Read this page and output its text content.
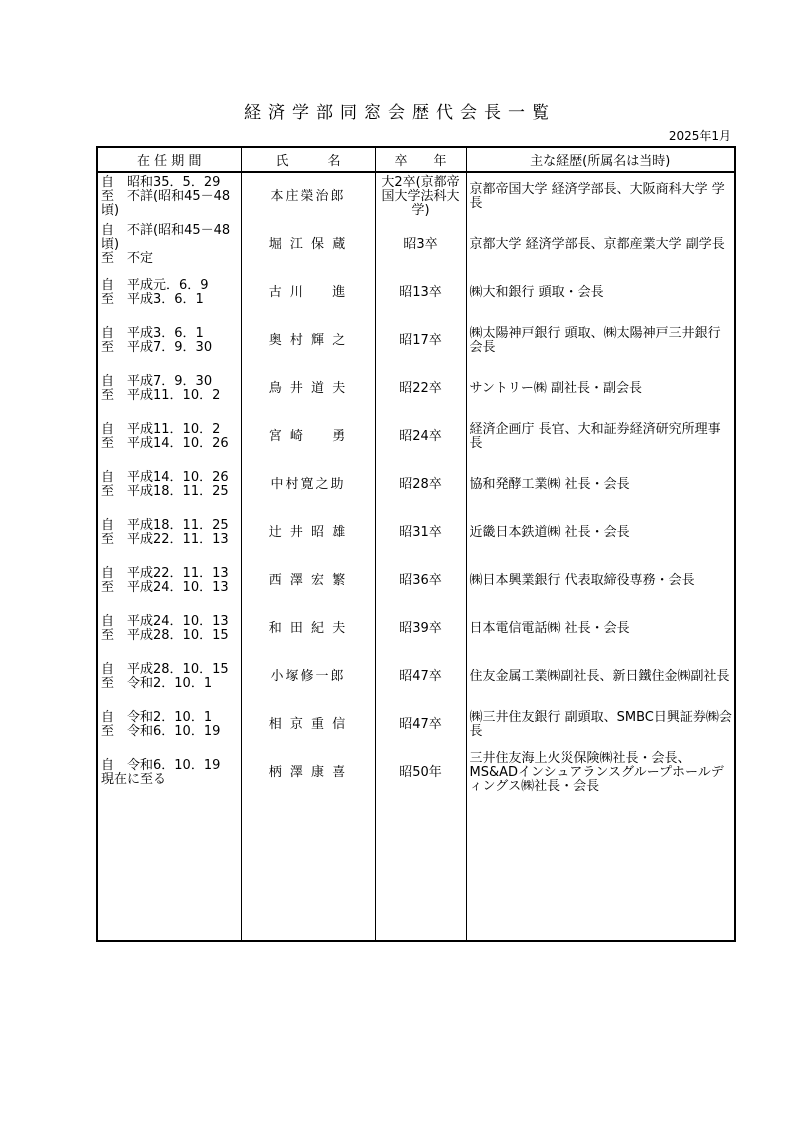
経済学部同窓会歴代会長一覧
2025年1月
在 任 期 間	氏　　　名	卒　　年	主な経歴(所属名は当時)

自　昭和35．5．29
至　不詳(昭和45－48頃)	本庄榮治郎	大2卒(京都帝国大学法科大学)	京都帝国大学 経済学部長、大阪商科大学 学長

自　不詳(昭和45－48頃)
至　不定	堀 江 保 蔵	昭3卒	京都大学 経済学部長、京都産業大学 副学長

自　平成元．6．9
至　平成3．6．1	古 川 　 進	昭13卒	㈱大和銀行 頭取・会長

自　平成3．6．1
至　平成7．9．30	奥 村 輝 之	昭17卒	㈱太陽神戸銀行 頭取、㈱太陽神戸三井銀行 会長

自　平成7．9．30
至　平成11．10．2	鳥 井 道 夫	昭22卒	サントリー㈱ 副社長・副会長

自　平成11．10．2
至　平成14．10．26	宮 崎 　 勇	昭24卒	経済企画庁 長官、大和証券経済研究所理事長

自　平成14．10．26
至　平成18．11．25	中村寛之助	昭28卒	協和発酵工業㈱ 社長・会長

自　平成18．11．25
至　平成22．11．13	辻 井 昭 雄	昭31卒	近畿日本鉄道㈱ 社長・会長

自　平成22．11．13
至　平成24．10．13	西 澤 宏 繁	昭36卒	㈱日本興業銀行 代表取締役専務・会長

自　平成24．10．13
至　平成28．10．15	和 田 紀 夫	昭39卒	日本電信電話㈱ 社長・会長

自　平成28．10．15
至　令和2．10．1	小塚修一郎	昭47卒	住友金属工業㈱副社長、新日鐵住金㈱副社長

自　令和2．10．1
至　令和6．10．19	相 京 重 信	昭47卒	㈱三井住友銀行 副頭取、SMBC日興証券㈱会長

自　令和6．10．19
現在に至る	柄 澤 康 喜	昭50年	三井住友海上火災保険㈱社長・会長、MS&ADインシュアランスグループホールディングス㈱社長・会長
